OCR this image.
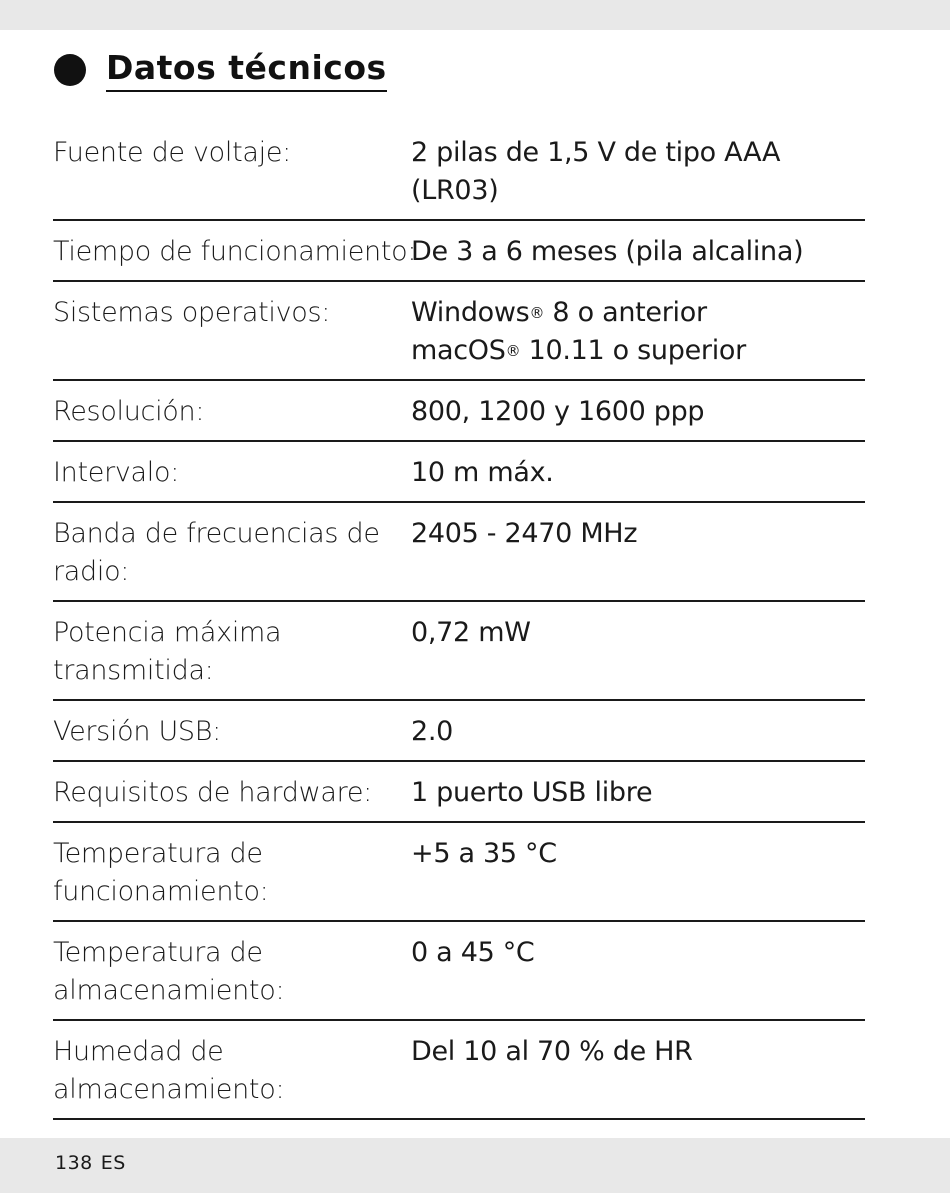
Datos técnicos
Fuente de voltaje:	2 pilas de 1,5 V de tipo AAA
(LR03)
Tiempo de funcionamiento:
De 3 a 6 meses (pila alcalina)
Sistemas operativos:	Windows® 8 o anterior
macOS® 10.11 o superior
Resolución:	800, 1200 y 1600 ppp
Intervalo:	10 m máx.
Banda de frecuencias de radio:
2405 - 2470 MHz
Potencia máxima transmitida:
0,72 mW
Versión USB:	2.0
Requisitos de hardware:	1 puerto USB libre
Temperatura de funcionamiento:
+5 a 35 °C
Temperatura de almacenamiento:
0 a 45 °C
Humedad de almacenamiento:
Del 10 al 70 % de HR
138 ES
